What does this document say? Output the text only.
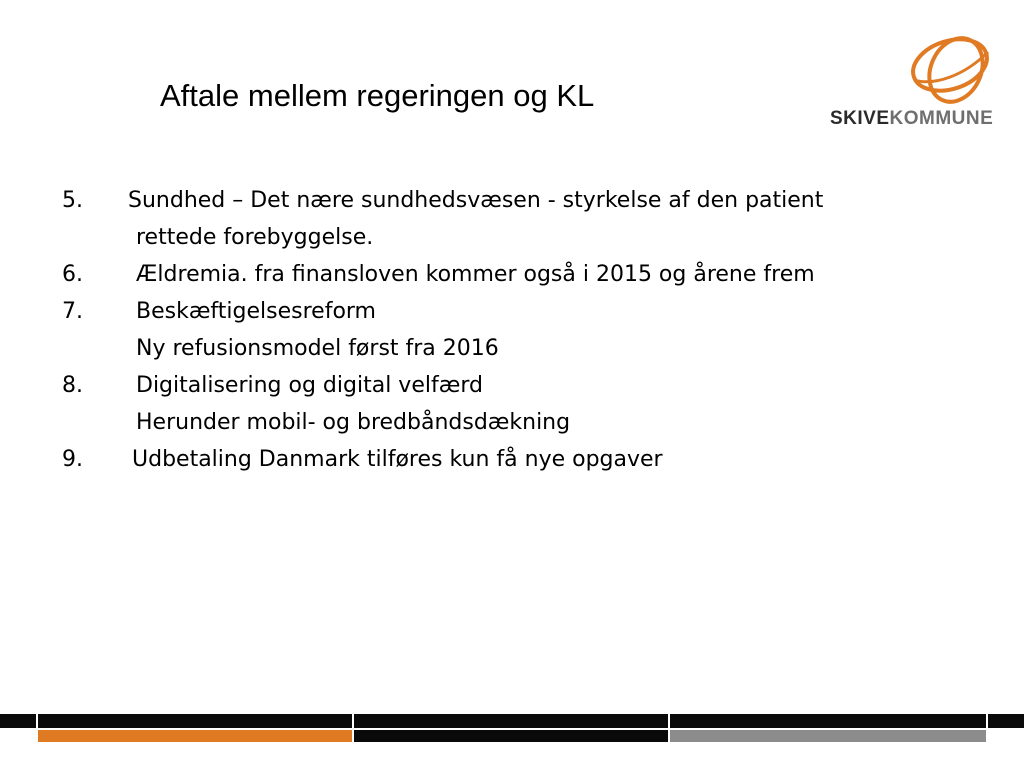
Aftale mellem regeringen og KL
SKIVEKOMMUNE
5. Sundhed – Det nære sundhedsvæsen - styrkelse af den patient
rettede forebyggelse.
6. Ældremia. fra finansloven kommer også i 2015 og årene frem
7. Beskæftigelsesreform
Ny refusionsmodel først fra 2016
8. Digitalisering og digital velfærd
Herunder mobil- og bredbåndsdækning
9. Udbetaling Danmark tilføres kun få nye opgaver
